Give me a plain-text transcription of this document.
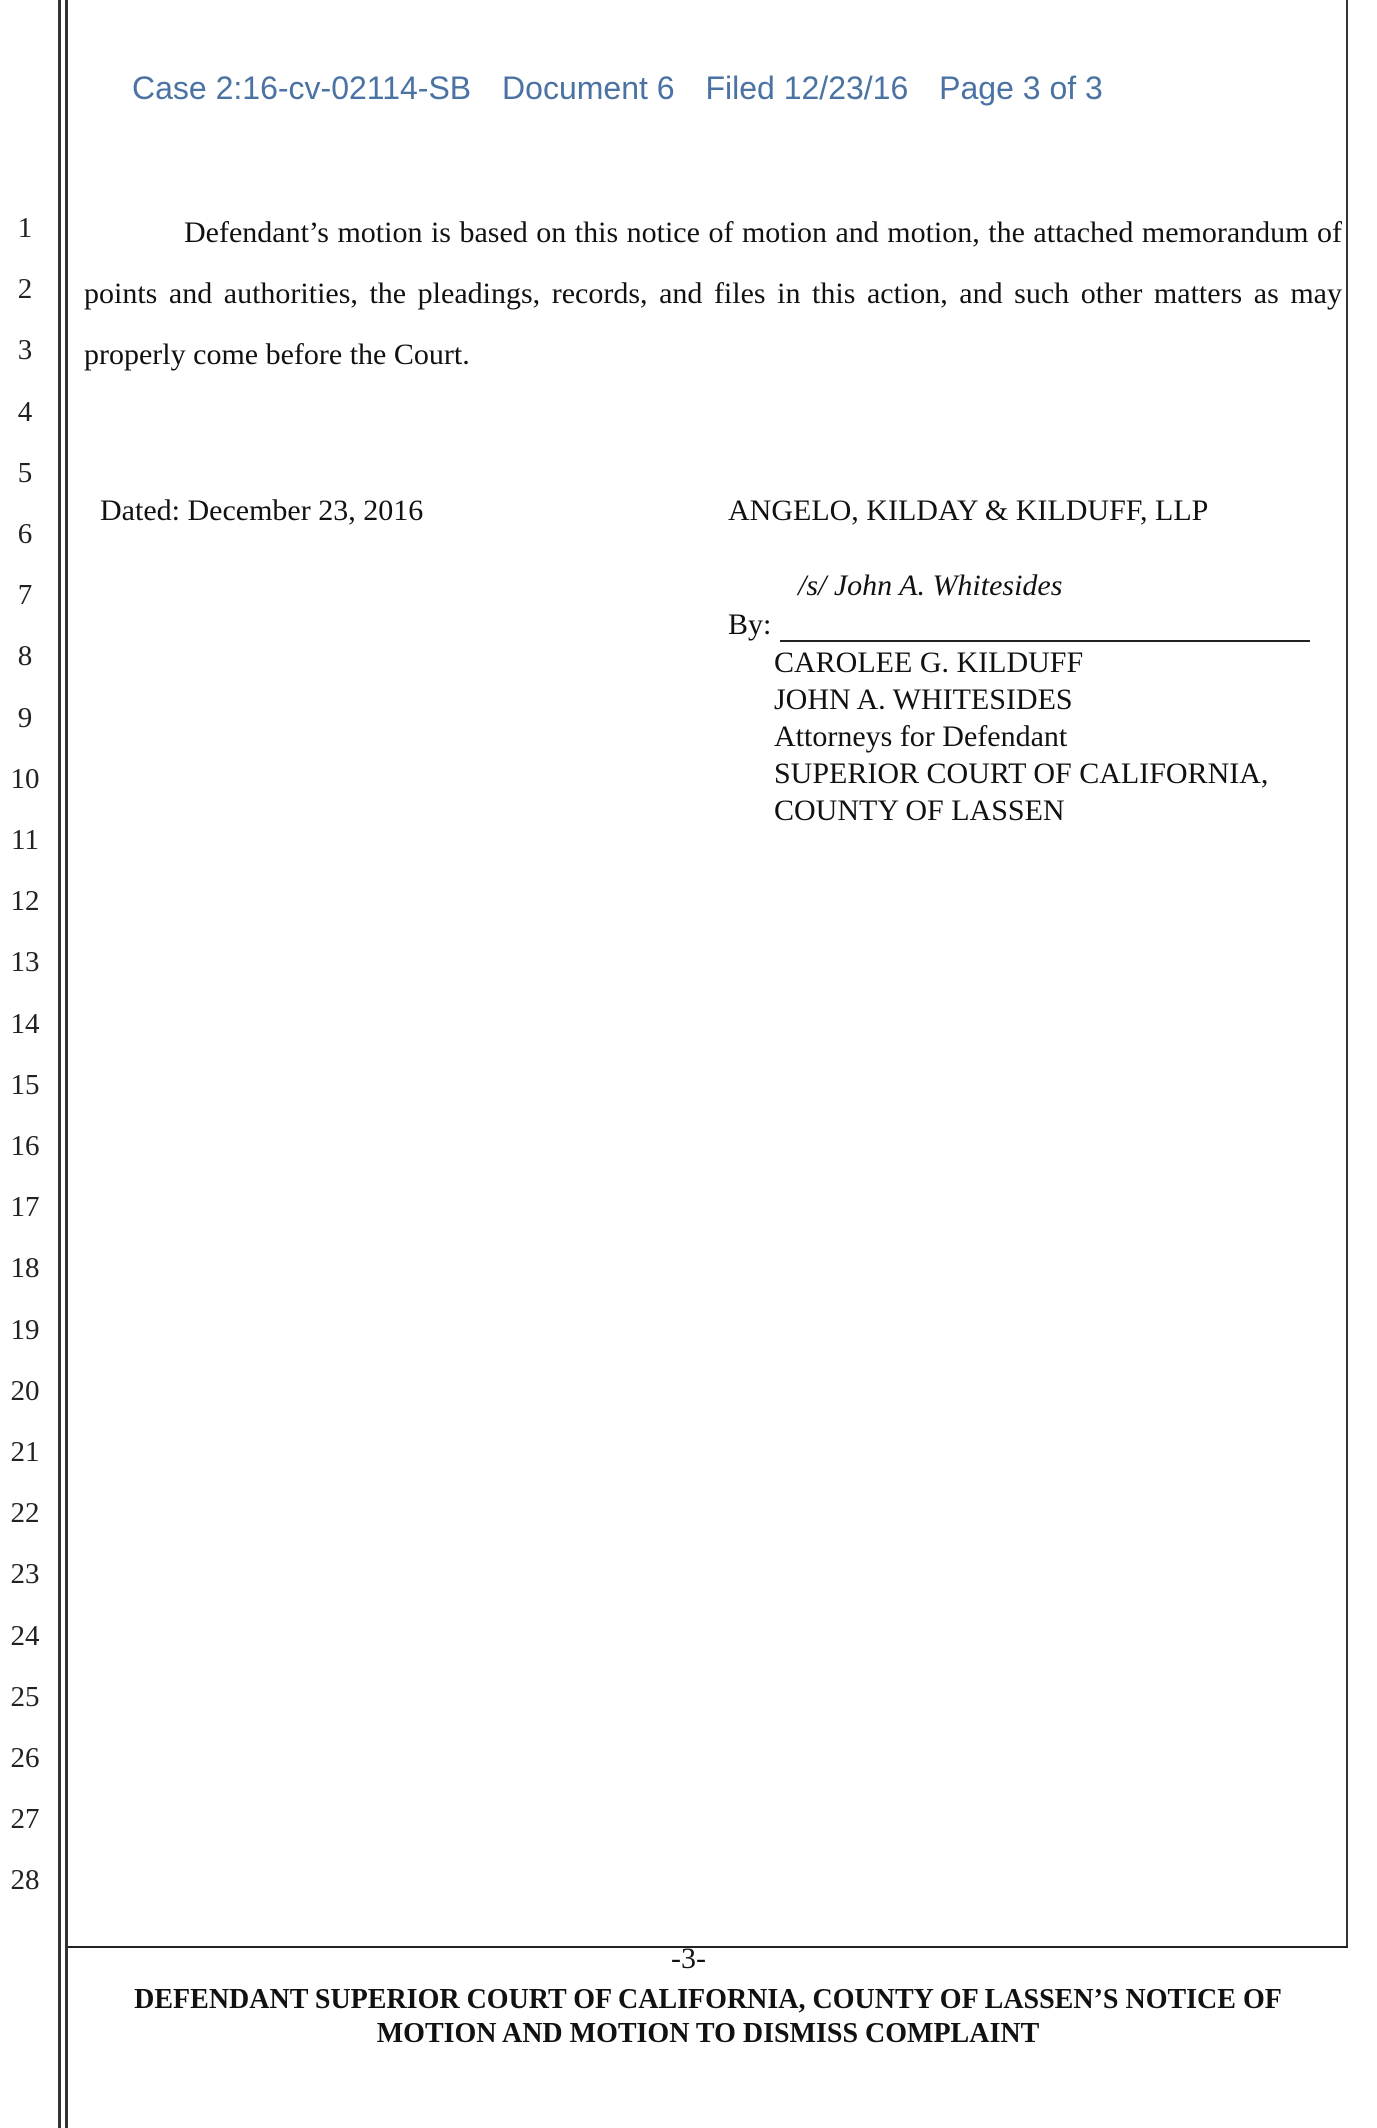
Case 2:16-cv-02114-SB Document 6 Filed 12/23/16 Page 3 of 3
1
2
3
4
5
6
7
8
9
10
11
12
13
14
15
16
17
18
19
20
21
22
23
24
25
26
27
28

Defendant’s motion is based on this notice of motion and motion, the attached memorandum of points and authorities, the pleadings, records, and files in this action, and such other matters as may properly come before the Court.

Dated: December 23, 2016	ANGELO, KILDAY & KILDUFF, LLP
/s/ John A. Whitesides
By:
CAROLEE G. KILDUFF
JOHN A. WHITESIDES
Attorneys for Defendant
SUPERIOR COURT OF CALIFORNIA,
COUNTY OF LASSEN
-3-
DEFENDANT SUPERIOR COURT OF CALIFORNIA, COUNTY OF LASSEN’S NOTICE OF
MOTION AND MOTION TO DISMISS COMPLAINT
